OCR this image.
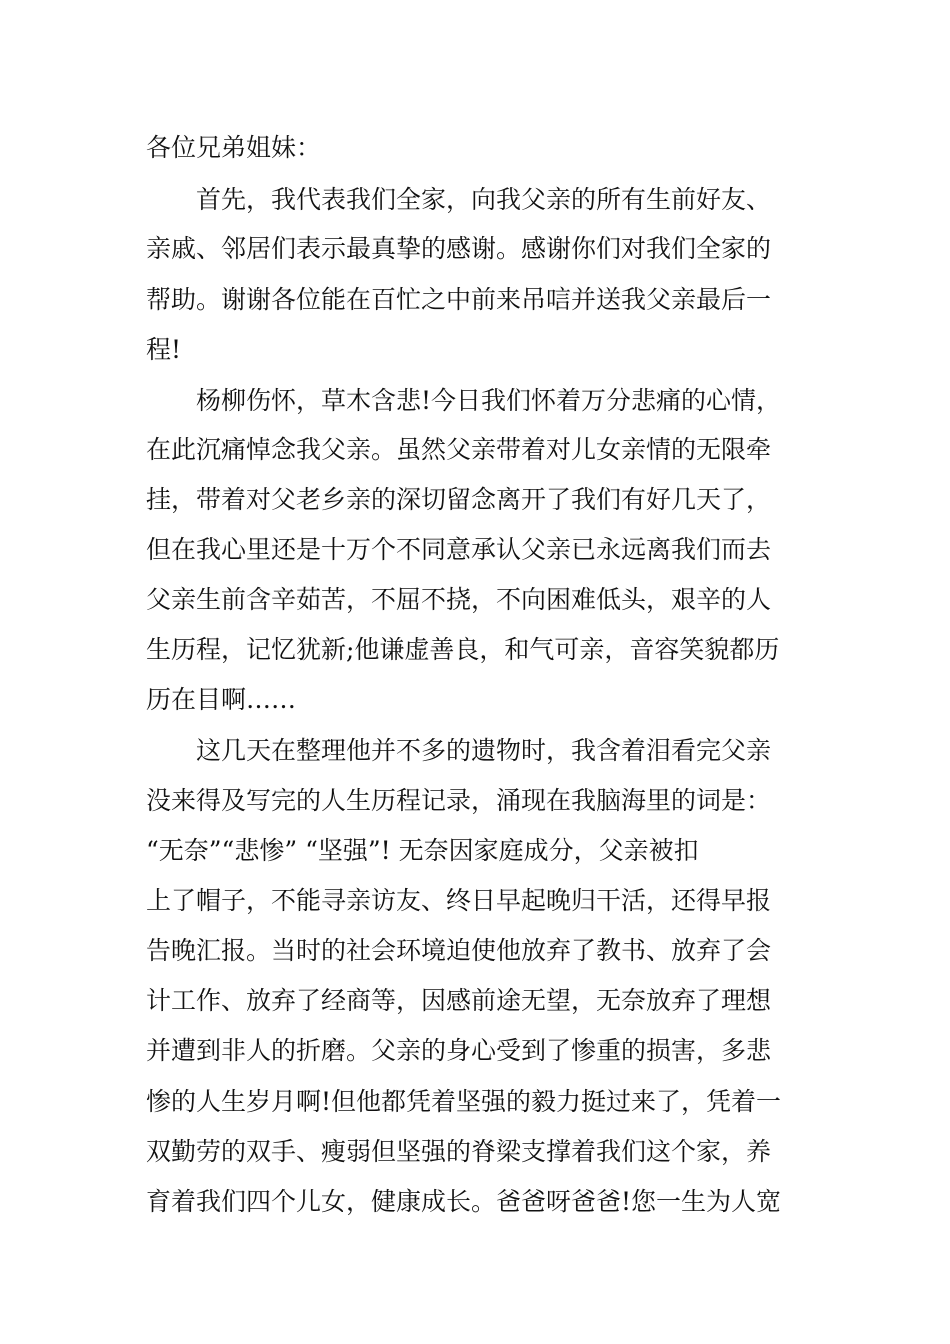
各位兄弟姐妹：
首先，我代表我们全家，向我父亲的所有生前好友、
亲戚、邻居们表示最真挚的感谢。感谢你们对我们全家的
帮助。谢谢各位能在百忙之中前来吊唁并送我父亲最后一
程!
杨柳伤怀，草木含悲!今日我们怀着万分悲痛的心情，
在此沉痛悼念我父亲。虽然父亲带着对儿女亲情的无限牵
挂，带着对父老乡亲的深切留念离开了我们有好几天了，
但在我心里还是十万个不同意承认父亲已永远离我们而去
父亲生前含辛茹苦，不屈不挠，不向困难低头，艰辛的人
生历程，记忆犹新;他谦虚善良，和气可亲，音容笑貌都历
历在目啊……
这几天在整理他并不多的遗物时，我含着泪看完父亲
没来得及写完的人生历程记录，涌现在我脑海里的词是：
“无奈”“悲惨” “坚强”! 无奈因家庭成分，父亲被扣
上了帽子，不能寻亲访友、终日早起晚归干活，还得早报
告晚汇报。当时的社会环境迫使他放弃了教书、放弃了会
计工作、放弃了经商等，因感前途无望，无奈放弃了理想
并遭到非人的折磨。父亲的身心受到了惨重的损害，多悲
惨的人生岁月啊!但他都凭着坚强的毅力挺过来了，凭着一
双勤劳的双手、瘦弱但坚强的脊梁支撑着我们这个家，养
育着我们四个儿女，健康成长。爸爸呀爸爸!您一生为人宽
